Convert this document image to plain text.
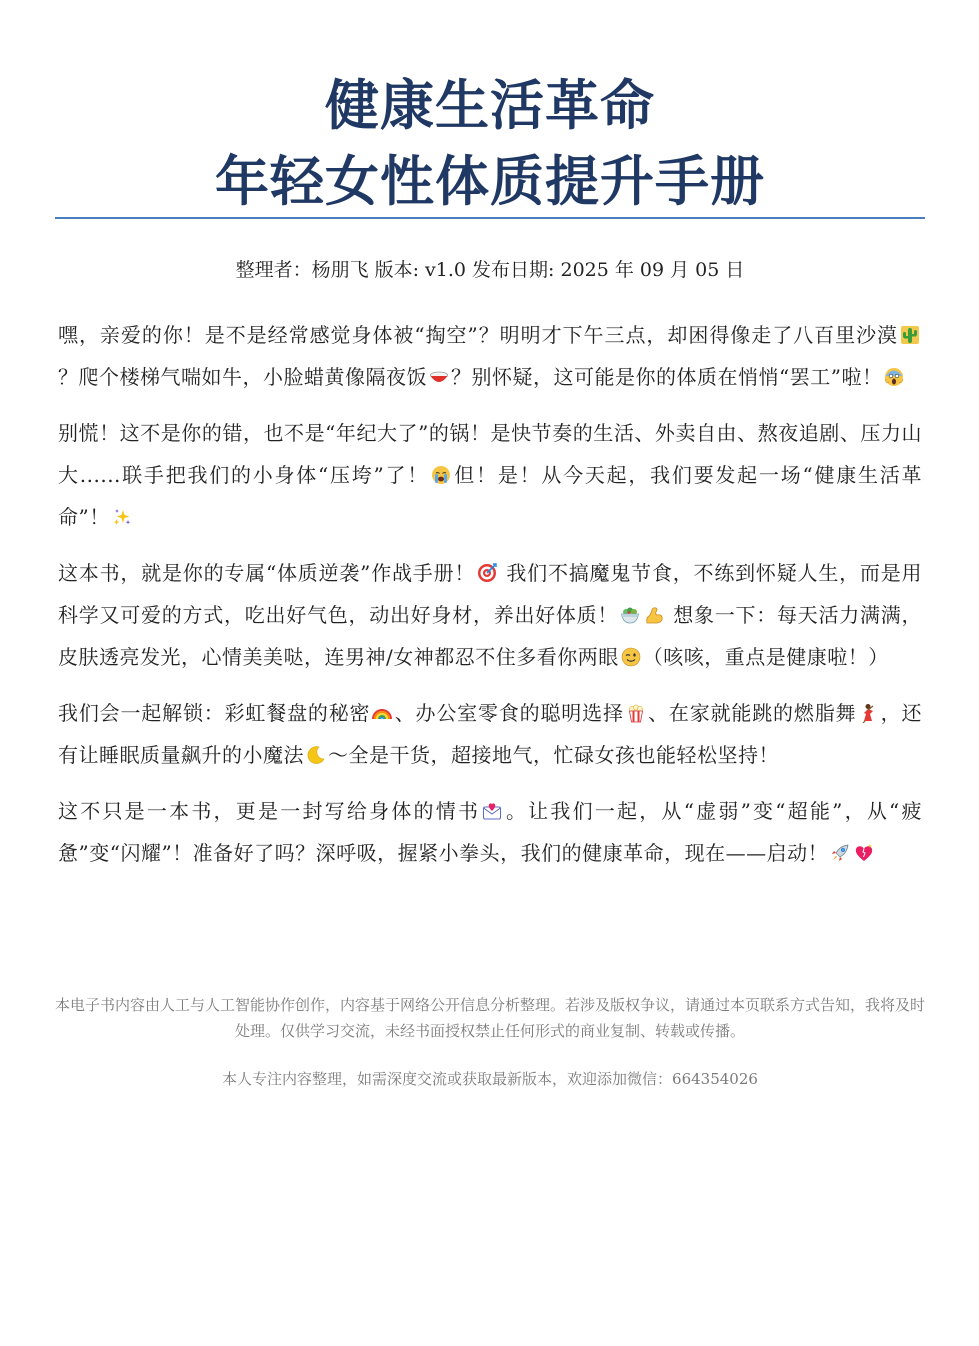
健康生活革命
年轻女性体质提升手册
整理者：杨朋飞 版本: v1.0 发布日期: 2025 年 09 月 05 日

嘿，亲爱的你！是不是经常感觉身体被“掏空”？明明才下午三点，却困得像走了八百里沙漠
？爬个楼梯气喘如牛，小脸蜡黄像隔夜饭 ？别怀疑，这可能是你的体质在悄悄“罢工”啦！

别慌！这不是你的错，也不是“年纪大了”的锅！是快节奏的生活、外卖自由、熬夜追剧、压力山大......联手把我们的小身体“压垮”了！ 但！是！从今天起，我们要发起一场“健康生活革命”！

这本书，就是你的专属“体质逆袭”作战手册！
我们不搞魔鬼节食，不练到怀疑人生，而是用科学又可爱的方式，吃出好气色，动出好身材，养出好体质！
想象一下：每天活力满满，皮肤透亮发光，心情美美哒，连男神/女神都忍不住多看你两眼 （咳咳，重点是健康啦！）

我们会一起解锁：彩虹餐盘的秘密 、办公室零食的聪明选择 、在家就能跳的燃脂舞 ，还有让睡眠质量飙升的小魔法 ～全是干货，超接地气，忙碌女孩也能轻松坚持！

这不只是一本书，更是一封写给身体的情书 。让我们一起，从“虚弱”变“超能”，从“疲惫”变“闪耀”！准备好了吗？深呼吸，握紧小拳头，我们的健康革命，现在——启动！

本电子书内容由人工与人工智能协作创作，内容基于网络公开信息分析整理。若涉及版权争议，请通过本页联系方式告知，我将及时处理。仅供学习交流，未经书面授权禁止任何形式的商业复制、转载或传播。
本人专注内容整理，如需深度交流或获取最新版本，欢迎添加微信：664354026
